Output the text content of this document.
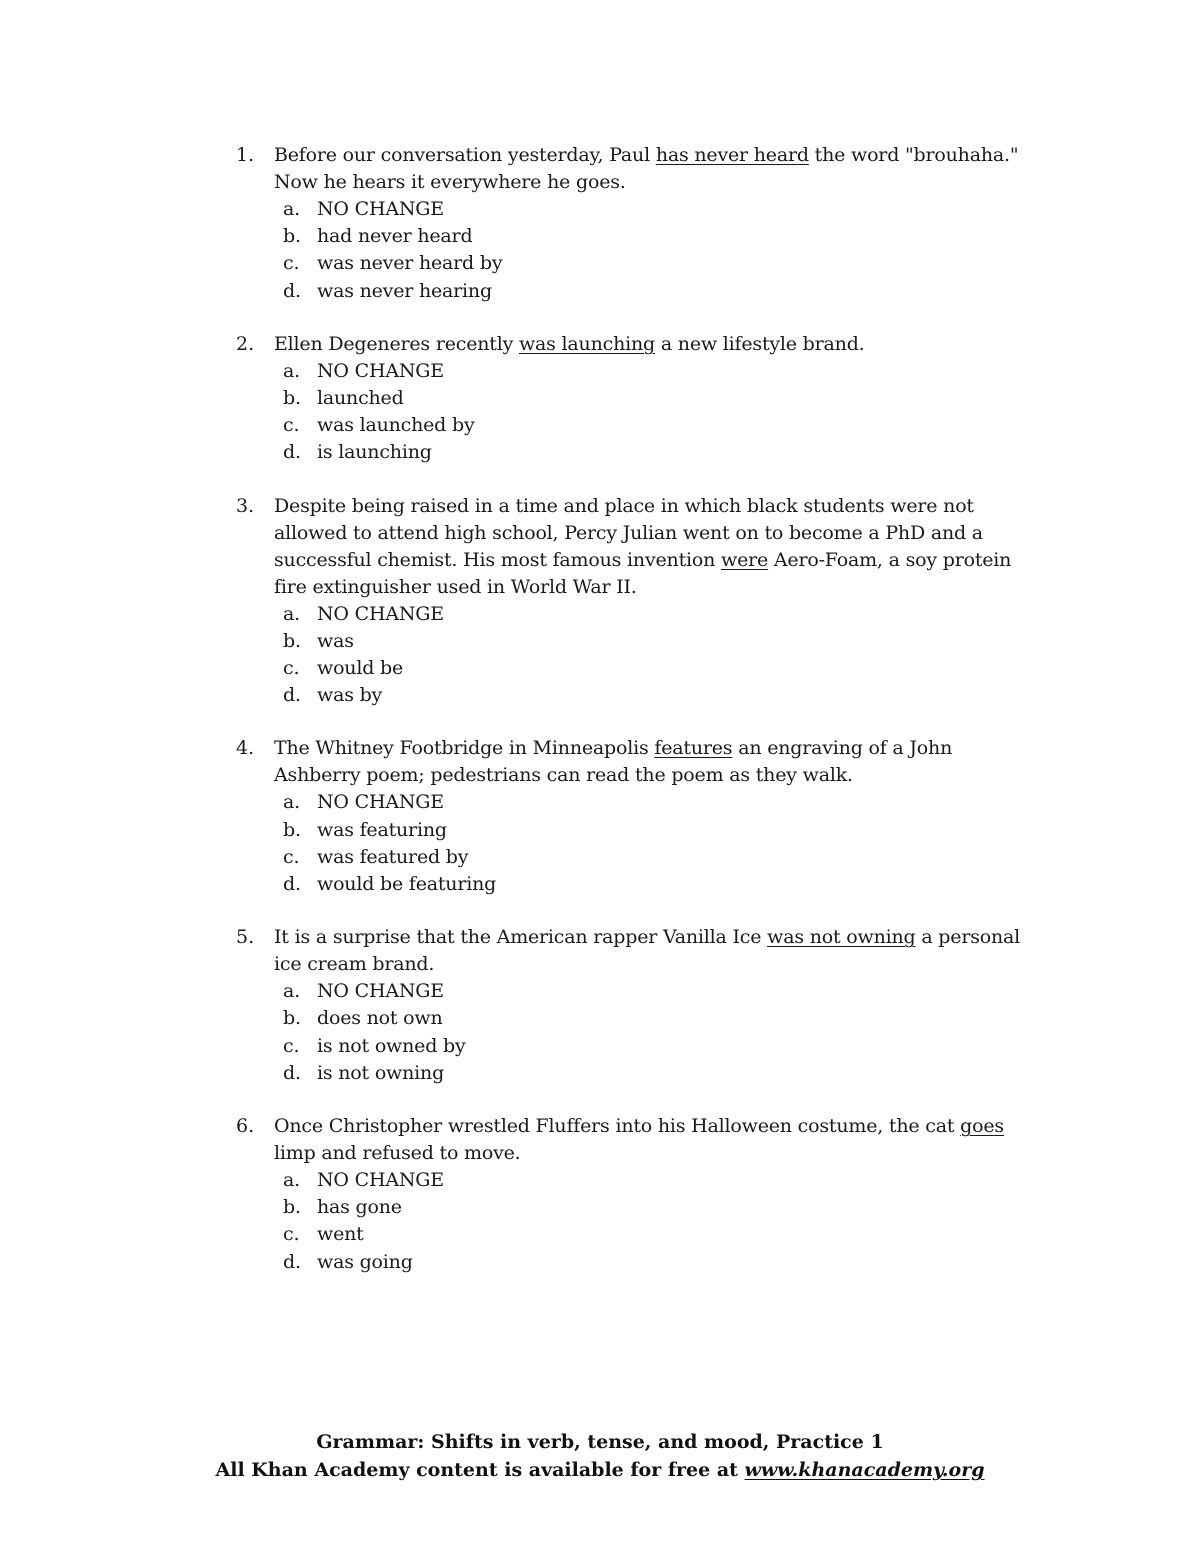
1. Before our conversation yesterday, Paul has never heard the word "brouhaha." Now he hears it everywhere he goes.
a. NO CHANGE
b. had never heard
c. was never heard by
d. was never hearing
2. Ellen Degeneres recently was launching a new lifestyle brand.
a. NO CHANGE
b. launched
c. was launched by
d. is launching
3. Despite being raised in a time and place in which black students were not allowed to attend high school, Percy Julian went on to become a PhD and a successful chemist. His most famous invention were Aero-Foam, a soy protein fire extinguisher used in World War II.
a. NO CHANGE
b. was
c. would be
d. was by
4. The Whitney Footbridge in Minneapolis features an engraving of a John Ashberry poem; pedestrians can read the poem as they walk.
a. NO CHANGE
b. was featuring
c. was featured by
d. would be featuring
5. It is a surprise that the American rapper Vanilla Ice was not owning a personal ice cream brand.
a. NO CHANGE
b. does not own
c. is not owned by
d. is not owning
6. Once Christopher wrestled Fluffers into his Halloween costume, the cat goes limp and refused to move.
a. NO CHANGE
b. has gone
c. went
d. was going
Grammar: Shifts in verb, tense, and mood, Practice 1
All Khan Academy content is available for free at www.khanacademy.org
